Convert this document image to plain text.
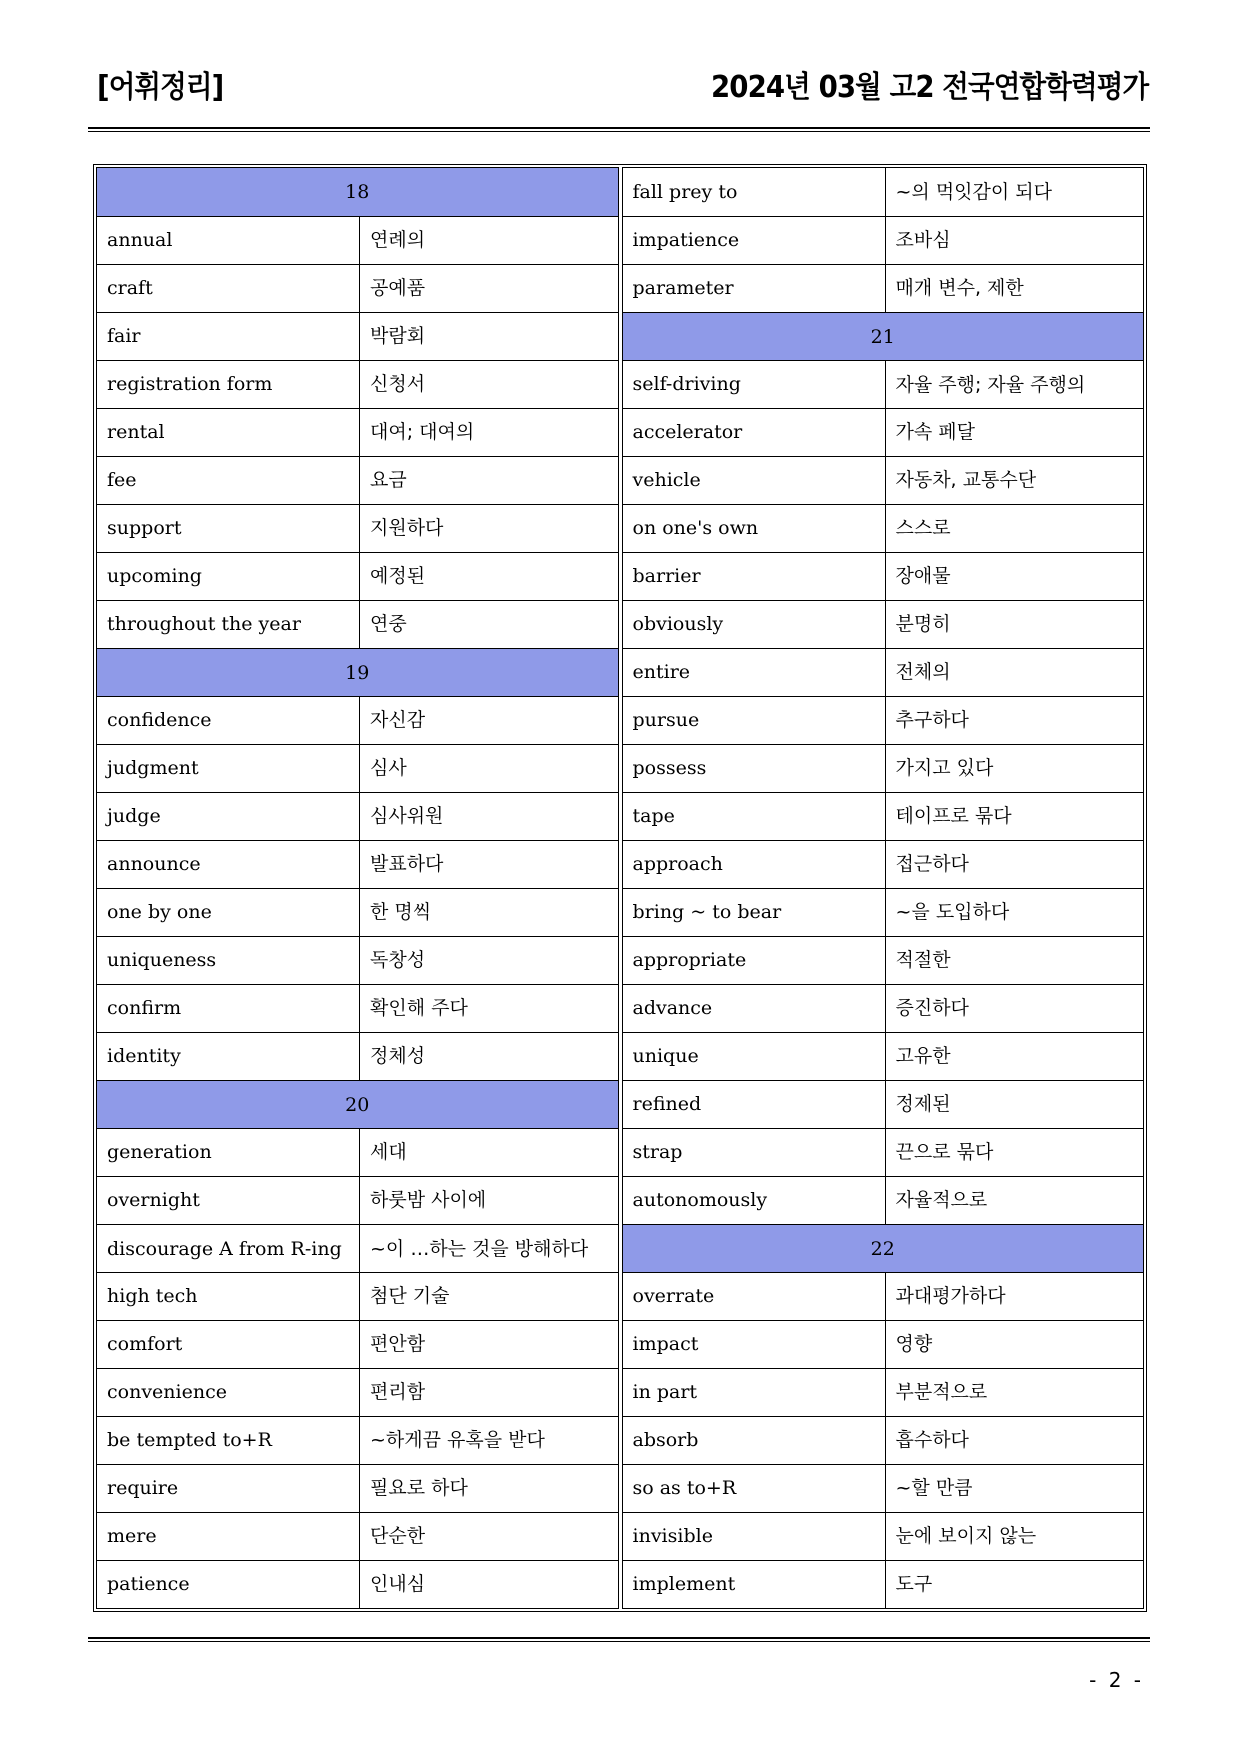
[어휘정리]	2024년 03월 고2 전국연합학력평가
18
annual	연례의
craft	공예품
fair	박람회
registration form	신청서
rental	대여; 대여의
fee	요금
support	지원하다
upcoming	예정된
throughout the year	연중
19
confidence	자신감
judgment	심사
judge	심사위원
announce	발표하다
one by one	한 명씩
uniqueness	독창성
confirm	확인해 주다
identity	정체성
20
generation	세대
overnight	하룻밤 사이에
discourage A from R-ing	~이 …하는 것을 방해하다
high tech	첨단 기술
comfort	편안함
convenience	편리함
be tempted to+R	~하게끔 유혹을 받다
require	필요로 하다
mere	단순한
patience	인내심
fall prey to	~의 먹잇감이 되다
impatience	조바심
parameter	매개 변수, 제한
21
self-driving	자율 주행; 자율 주행의
accelerator	가속 페달
vehicle	자동차, 교통수단
on one's own	스스로
barrier	장애물
obviously	분명히
entire	전체의
pursue	추구하다
possess	가지고 있다
tape	테이프로 묶다
approach	접근하다
bring ~ to bear	~을 도입하다
appropriate	적절한
advance	증진하다
unique	고유한
refined	정제된
strap	끈으로 묶다
autonomously	자율적으로
22
overrate	과대평가하다
impact	영향
in part	부분적으로
absorb	흡수하다
so as to+R	~할 만큼
invisible	눈에 보이지 않는
implement	도구
- 2 -
